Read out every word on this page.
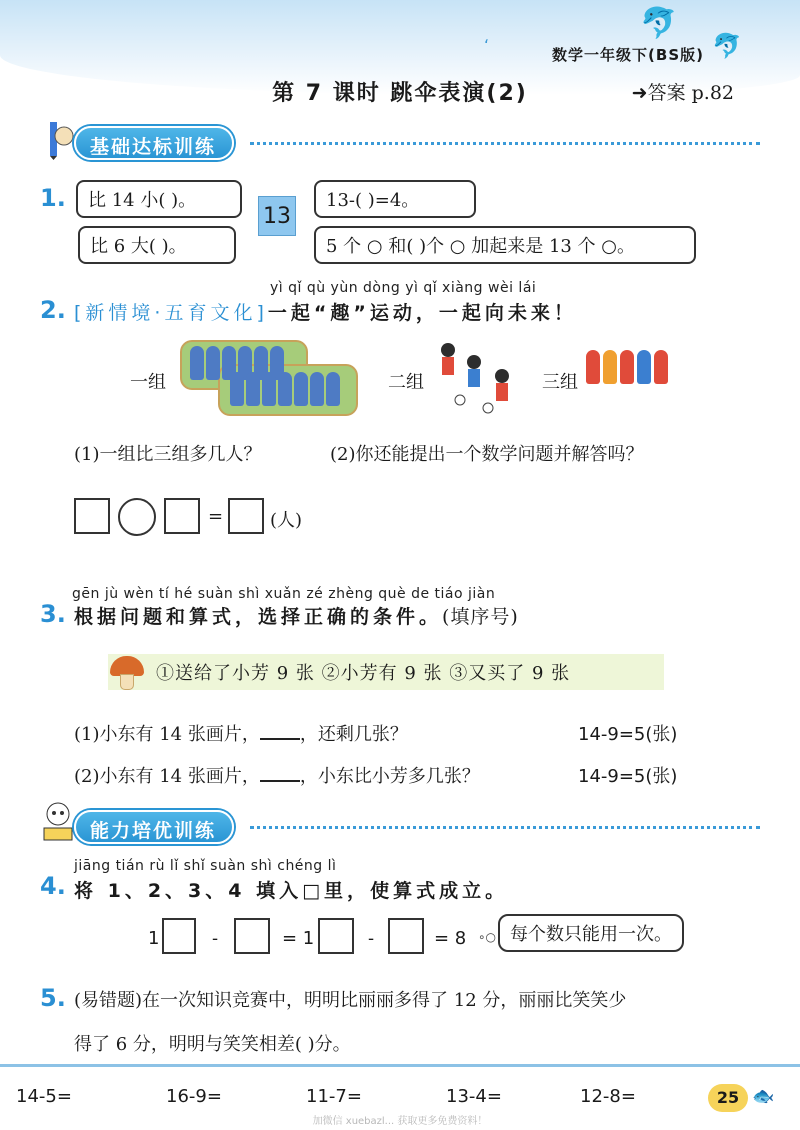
🐬
🐬
ʻ	数学一年级下(BS版)
第 7 课时 跳伞表演(2)	➜答案 p.82
基础达标训练
1.	比 14 小( )。
比 6 大( )。
13
13-( )=4。
5 个 ○ 和( )个 ○ 加起来是 13 个 ○。
yì qǐ qù yùn dòng yì qǐ xiàng wèi lái
2. [新情境·五育文化]一起“趣”运动，一起向未来！
一组	二组	三组
(1)一组比三组多几人？	(2)你还能提出一个数学问题并解答吗？
=	(人)
gēn jù wèn tí hé suàn shì xuǎn zé zhèng què de tiáo jiàn
3. 根据问题和算式，选择正确的条件。(填序号)
①送给了小芳 9 张 ②小芳有 9 张 ③又买了 9 张
(1)小东有 14 张画片， ，还剩几张？	14-9=5(张)
(2)小东有 14 张画片， ，小东比小芳多几张？	14-9=5(张)
能力培优训练
jiāng tián rù lǐ shǐ suàn shì chéng lì
4. 将 1、2、3、4 填入□里，使算式成立。
1	-	= 1	-	= 8 ∘○ 每个数只能用一次。
5. (易错题)在一次知识竞赛中，明明比丽丽多得了 12 分，丽丽比笑笑少
得了 6 分，明明与笑笑相差( )分。
14-5=	16-9=	11-7=	13-4=	12-8=	25 🐟
加微信 xuebazl... 获取更多免费资料！
